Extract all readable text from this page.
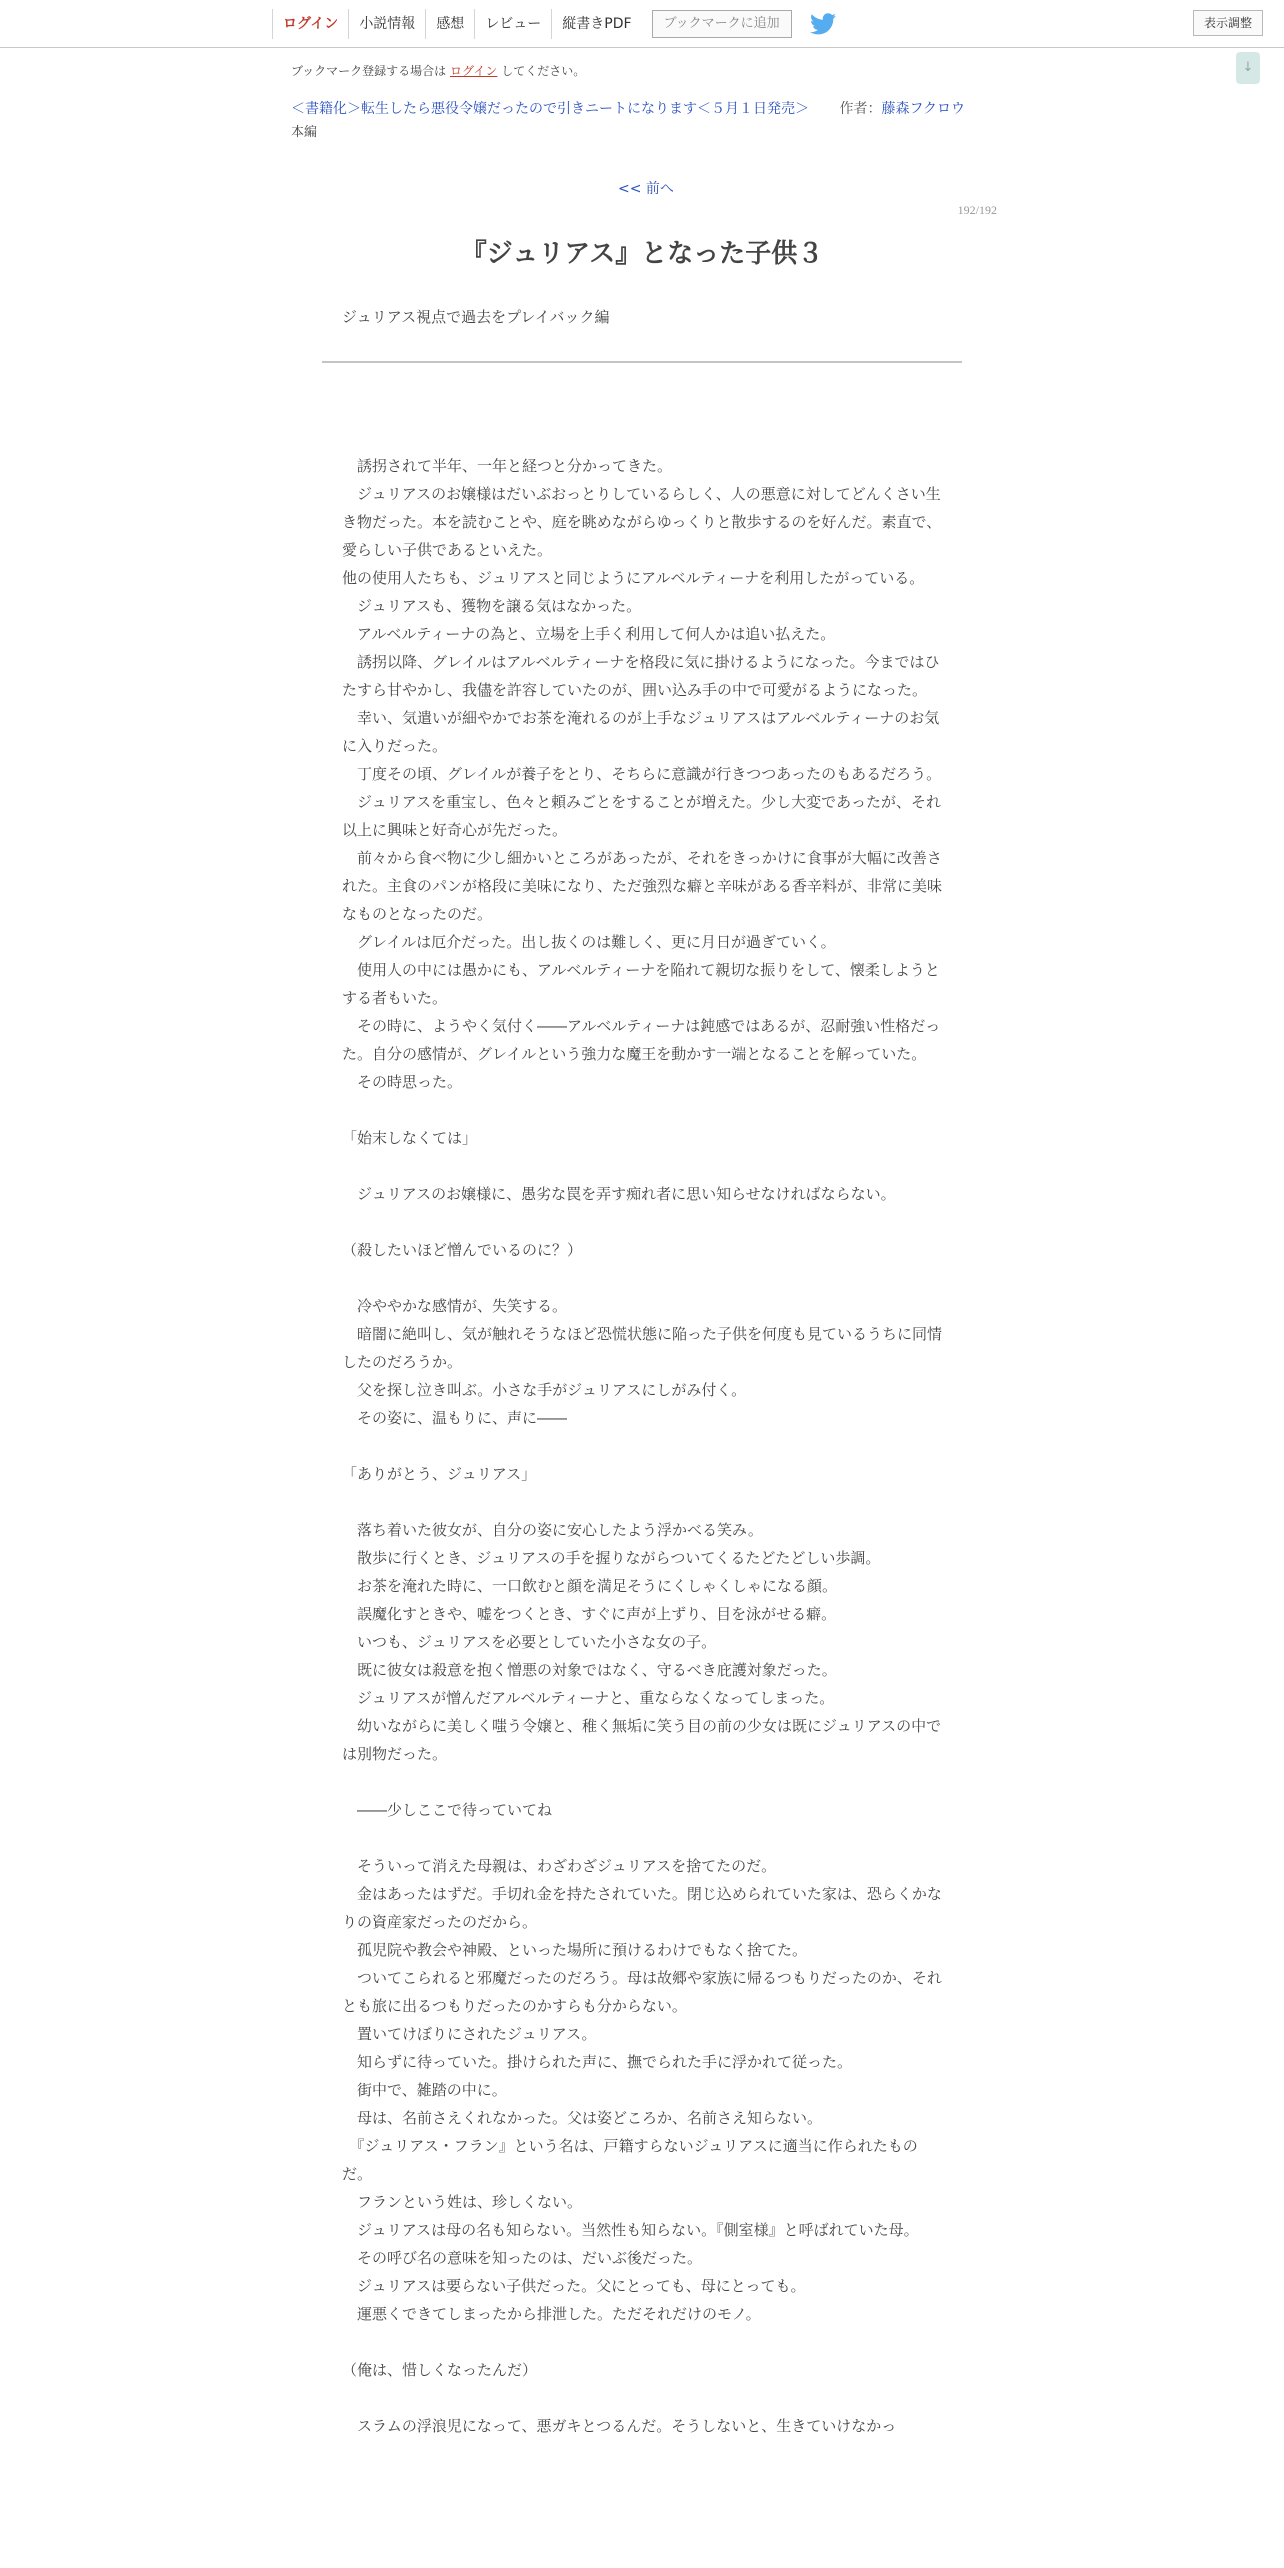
ログイン	小説情報	感想	レビュー	縦書きPDF	ブックマークに追加	表示調整
↓
ブックマーク登録する場合は ログイン してください。
＜書籍化＞転生したら悪役令嬢だったので引きニートになります＜５月１日発売＞ 作者：藤森フクロウ
本編
<< 前へ
192/192
『ジュリアス』となった子供３
ジュリアス視点で過去をプレイバック編

　誘拐されて半年、一年と経つと分かってきた。

　ジュリアスのお嬢様はだいぶおっとりしているらしく、人の悪意に対してどんくさい生き物だった。本を読むことや、庭を眺めながらゆっくりと散歩するのを好んだ。素直で、愛らしい子供であるといえた。

他の使用人たちも、ジュリアスと同じようにアルベルティーナを利用したがっている。

　ジュリアスも、獲物を譲る気はなかった。

　アルベルティーナの為と、立場を上手く利用して何人かは追い払えた。

　誘拐以降、グレイルはアルベルティーナを格段に気に掛けるようになった。今まではひたすら甘やかし、我儘を許容していたのが、囲い込み手の中で可愛がるようになった。

　幸い、気遣いが細やかでお茶を淹れるのが上手なジュリアスはアルベルティーナのお気に入りだった。

　丁度その頃、グレイルが養子をとり、そちらに意識が行きつつあったのもあるだろう。

　ジュリアスを重宝し、色々と頼みごとをすることが増えた。少し大変であったが、それ以上に興味と好奇心が先だった。

　前々から食べ物に少し細かいところがあったが、それをきっかけに食事が大幅に改善された。主食のパンが格段に美味になり、ただ強烈な癖と辛味がある香辛料が、非常に美味なものとなったのだ。

　グレイルは厄介だった。出し抜くのは難しく、更に月日が過ぎていく。

　使用人の中には愚かにも、アルベルティーナを陥れて親切な振りをして、懐柔しようとする者もいた。

　その時に、ようやく気付く――アルベルティーナは鈍感ではあるが、忍耐強い性格だった。自分の感情が、グレイルという強力な魔王を動かす一端となることを解っていた。

　その時思った。

「始末しなくては」

　ジュリアスのお嬢様に、愚劣な罠を弄す痴れ者に思い知らせなければならない。

（殺したいほど憎んでいるのに？）

　冷ややかな感情が、失笑する。

　暗闇に絶叫し、気が触れそうなほど恐慌状態に陥った子供を何度も見ているうちに同情したのだろうか。

　父を探し泣き叫ぶ。小さな手がジュリアスにしがみ付く。

　その姿に、温もりに、声に――

「ありがとう、ジュリアス」

　落ち着いた彼女が、自分の姿に安心したよう浮かべる笑み。

　散歩に行くとき、ジュリアスの手を握りながらついてくるたどたどしい歩調。

　お茶を淹れた時に、一口飲むと顔を満足そうにくしゃくしゃになる顔。

　誤魔化すときや、嘘をつくとき、すぐに声が上ずり、目を泳がせる癖。

　いつも、ジュリアスを必要としていた小さな女の子。

　既に彼女は殺意を抱く憎悪の対象ではなく、守るべき庇護対象だった。

　ジュリアスが憎んだアルベルティーナと、重ならなくなってしまった。

　幼いながらに美しく嗤う令嬢と、稚く無垢に笑う目の前の少女は既にジュリアスの中では別物だった。

　――少しここで待っていてね

　そういって消えた母親は、わざわざジュリアスを捨てたのだ。

　金はあったはずだ。手切れ金を持たされていた。閉じ込められていた家は、恐らくかなりの資産家だったのだから。

　孤児院や教会や神殿、といった場所に預けるわけでもなく捨てた。

　ついてこられると邪魔だったのだろう。母は故郷や家族に帰るつもりだったのか、それとも旅に出るつもりだったのかすらも分からない。

　置いてけぼりにされたジュリアス。

　知らずに待っていた。掛けられた声に、撫でられた手に浮かれて従った。

　街中で、雑踏の中に。

　母は、名前さえくれなかった。父は姿どころか、名前さえ知らない。

　『ジュリアス・フラン』という名は、戸籍すらないジュリアスに適当に作られたものだ。

　フランという姓は、珍しくない。

　ジュリアスは母の名も知らない。当然性も知らない。『側室様』と呼ばれていた母。

　その呼び名の意味を知ったのは、だいぶ後だった。

　ジュリアスは要らない子供だった。父にとっても、母にとっても。

　運悪くできてしまったから排泄した。ただそれだけのモノ。

（俺は、惜しくなったんだ）

　スラムの浮浪児になって、悪ガキとつるんだ。そうしないと、生きていけなかっ
